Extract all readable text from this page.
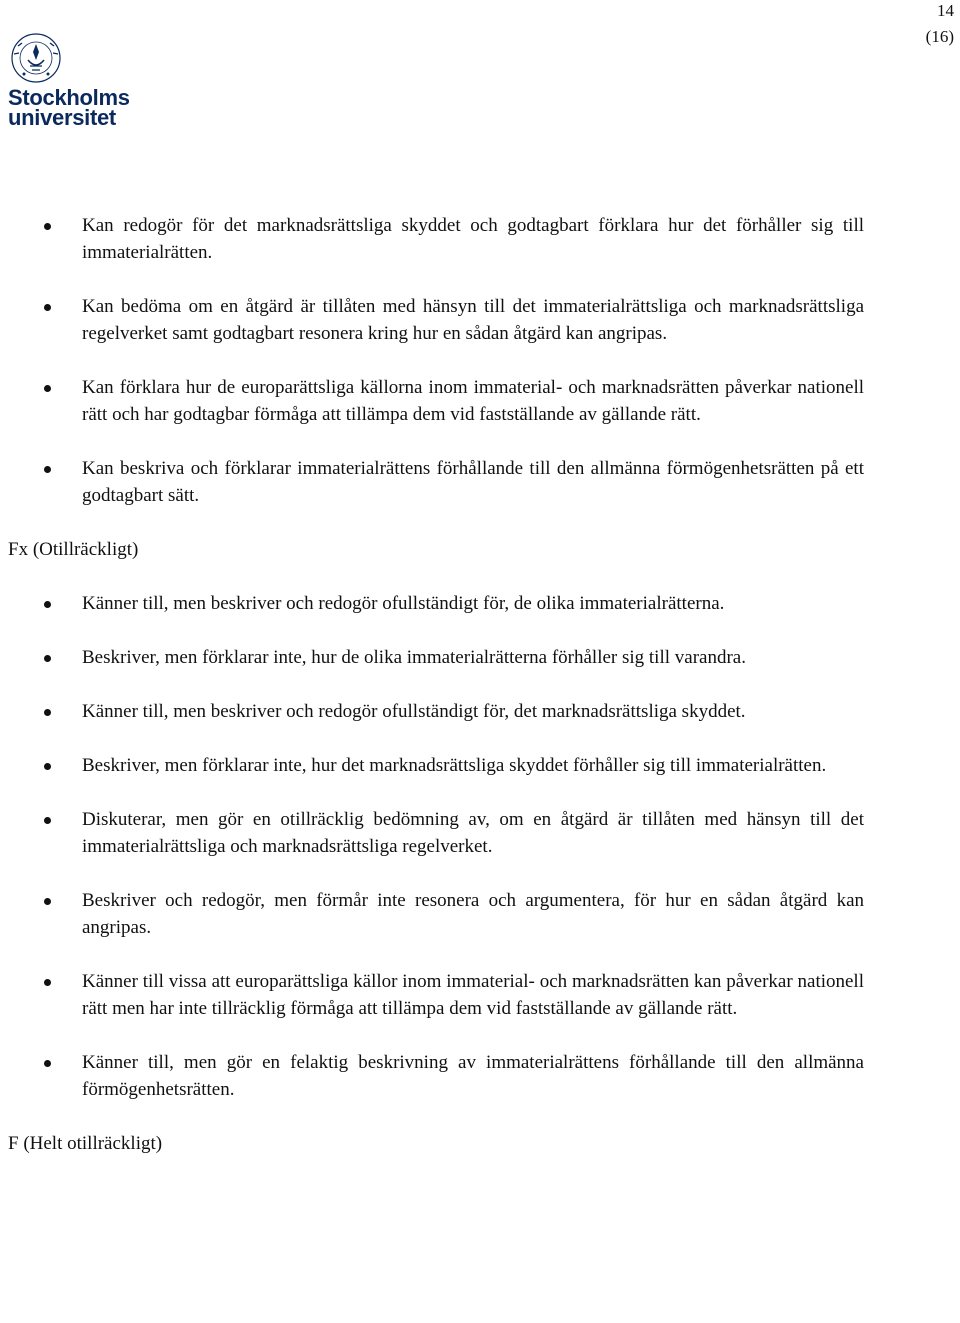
14
(16)
Stockholms
universitet
Kan redogör för det marknadsrättsliga skyddet och godtagbart förklara hur det förhåller sig till immaterialrätten.
Kan bedöma om en åtgärd är tillåten med hänsyn till det immaterialrättsliga och marknadsrättsliga regelverket samt godtagbart resonera kring hur en sådan åtgärd kan angripas.
Kan förklara hur de europarättsliga källorna inom immaterial- och marknadsrätten påverkar nationell rätt och har godtagbar förmåga att tillämpa dem vid fastställande av gällande rätt.
Kan beskriva och förklarar immaterialrättens förhållande till den allmänna förmögenhetsrätten på ett godtagbart sätt.
Fx (Otillräckligt)
Känner till, men beskriver och redogör ofullständigt för, de olika immaterialrätterna.
Beskriver, men förklarar inte, hur de olika immaterialrätterna förhåller sig till varandra.
Känner till, men beskriver och redogör ofullständigt för, det marknadsrättsliga skyddet.
Beskriver, men förklarar inte, hur det marknadsrättsliga skyddet förhåller sig till immaterialrätten.
Diskuterar, men gör en otillräcklig bedömning av, om en åtgärd är tillåten med hänsyn till det immaterialrättsliga och marknadsrättsliga regelverket.
Beskriver och redogör, men förmår inte resonera och argumentera, för hur en sådan åtgärd kan angripas.
Känner till vissa att europarättsliga källor inom immaterial- och marknadsrätten kan påverkar nationell rätt men har inte tillräcklig förmåga att tillämpa dem vid fastställande av gällande rätt.
Känner till, men gör en felaktig beskrivning av immaterialrättens förhållande till den allmänna förmögenhetsrätten.
F (Helt otillräckligt)
